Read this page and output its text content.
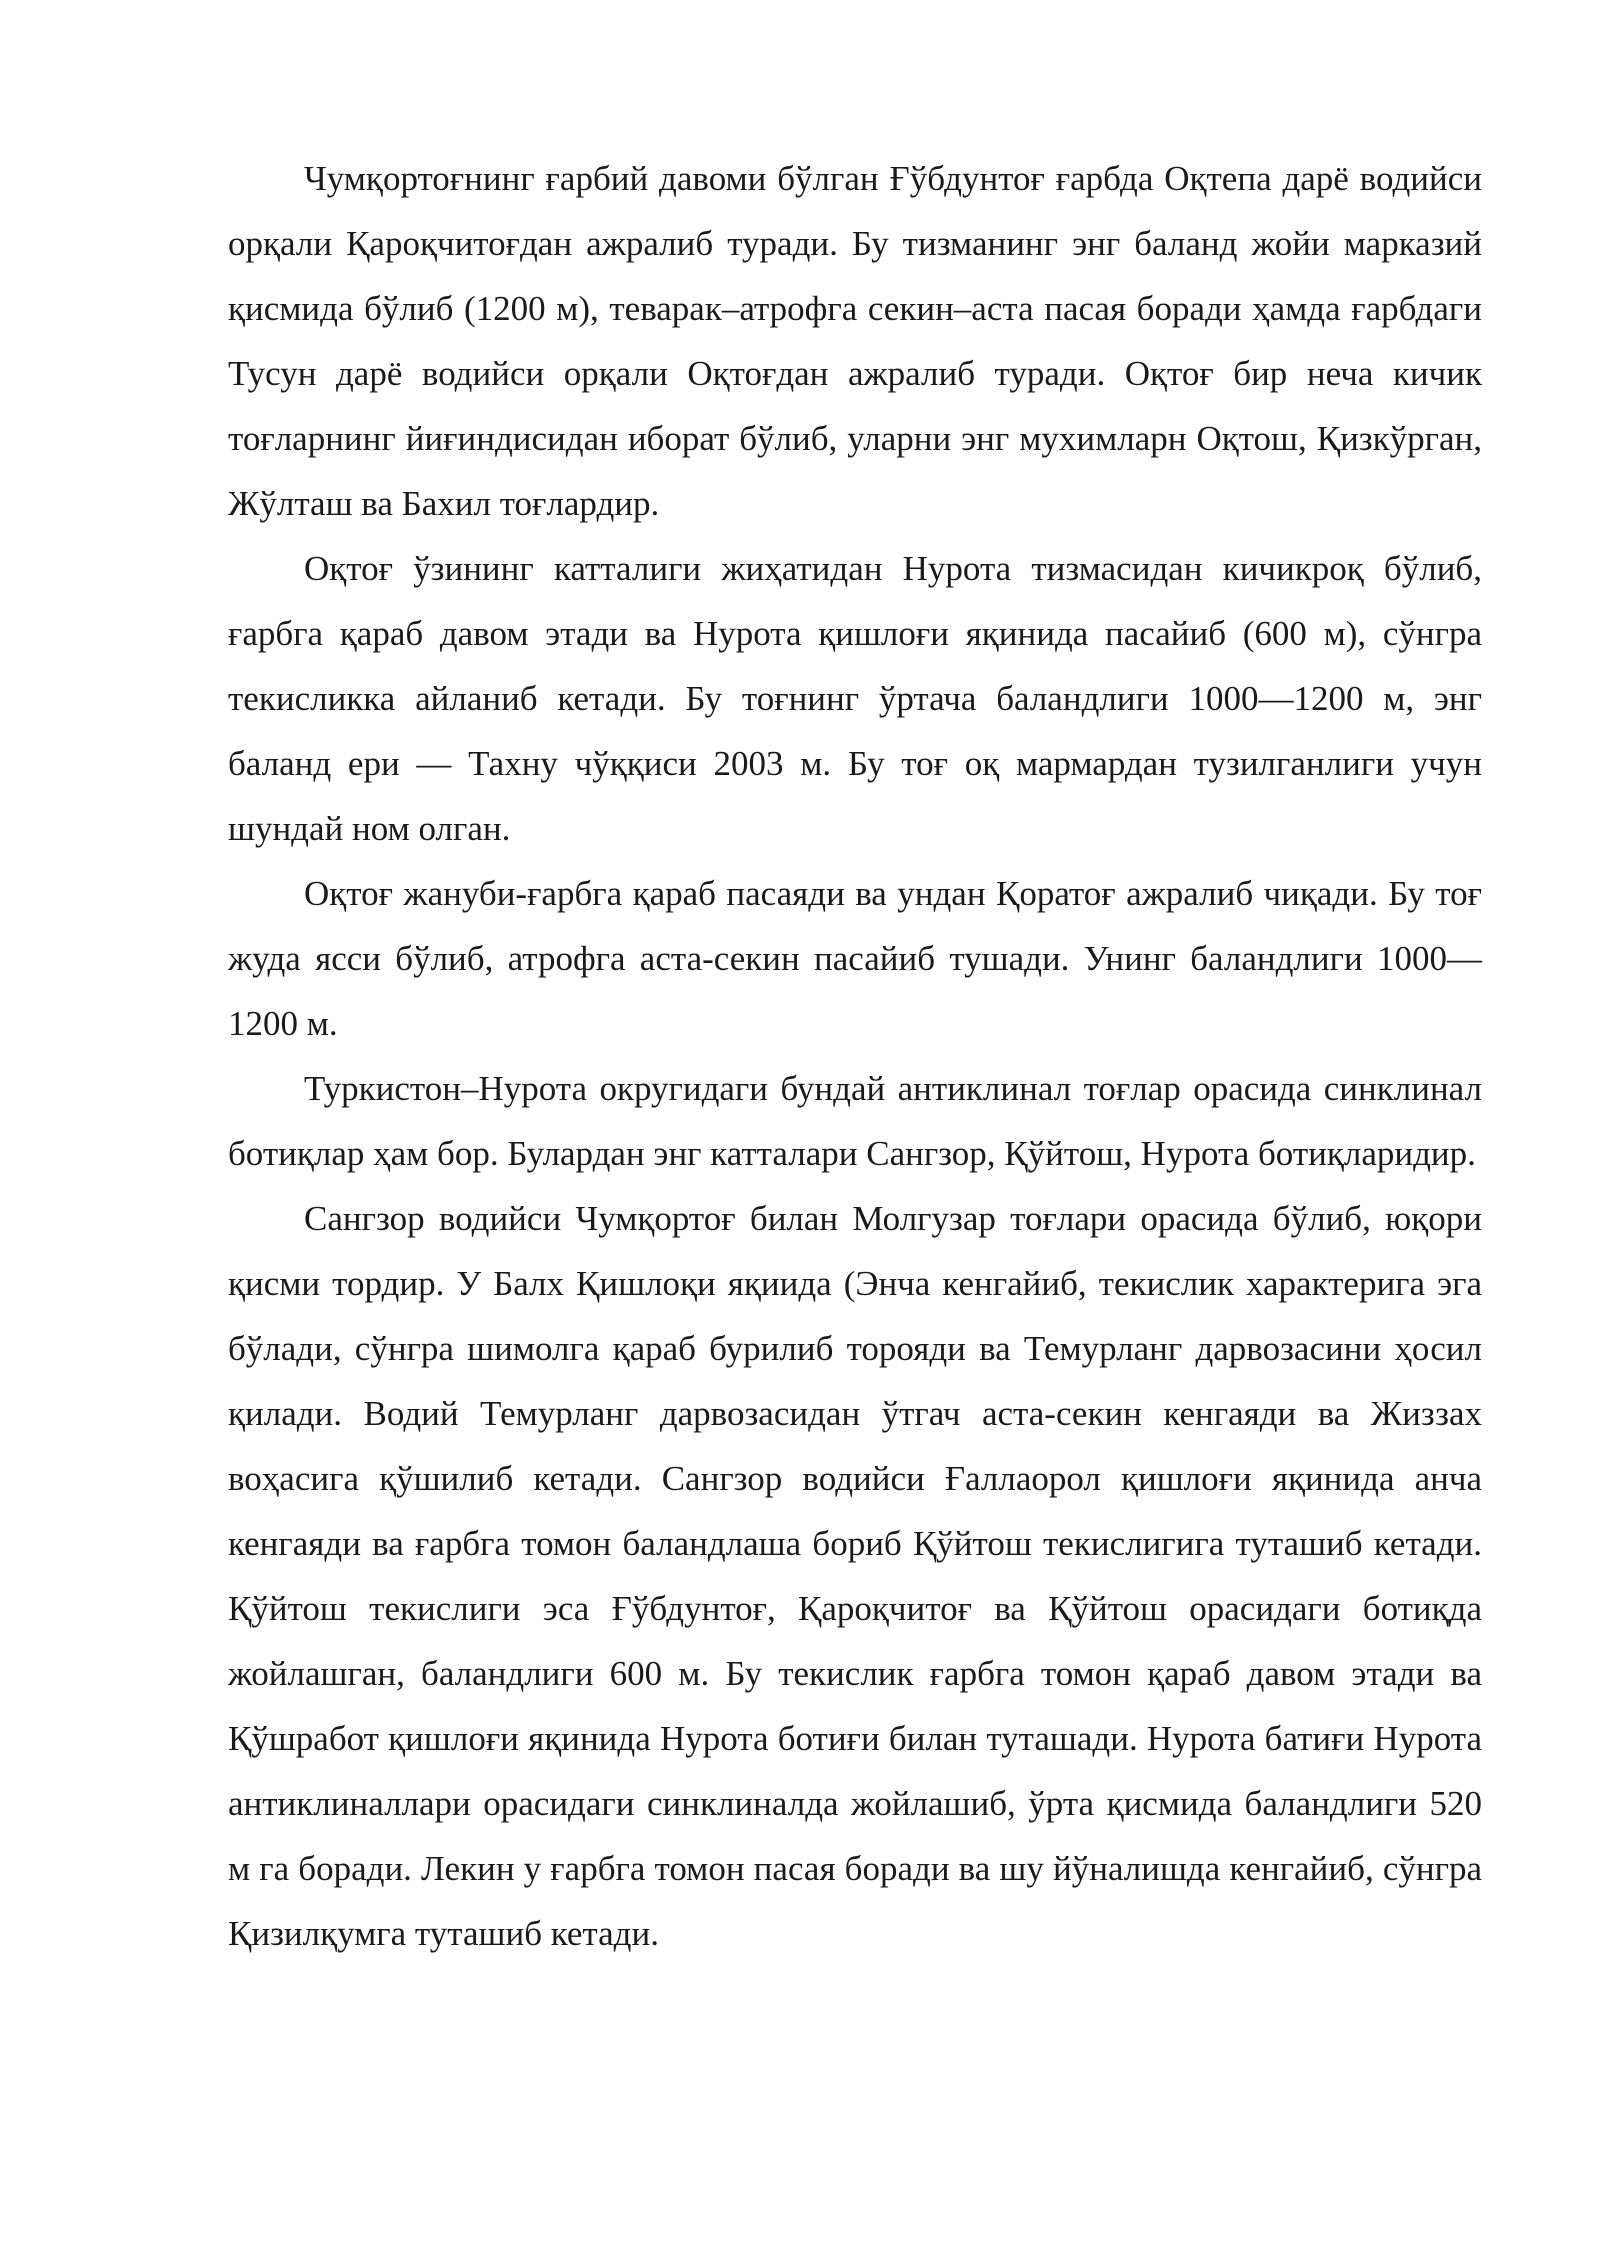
Чумқортоғнинг ғарбий давоми бўлган Ғўбдунтоғ ғарбда Оқтепа дарё водийси орқали Қароқчитоғдан ажралиб туради. Бу тизманинг энг баланд жойи марказий қисмида бўлиб (1200 м), теварак–атрофга секин–аста пасая боради ҳамда ғарбдаги Тусун дарё водийси орқали Оқтоғдан ажралиб туради. Оқтоғ бир неча кичик тоғларнинг йиғиндисидан иборат бўлиб, уларни энг мухимларн Оқтош, Қизкўрган, Жўлташ ва Бахил тоғлардир.

Оқтоғ ўзининг катталиги жиҳатидан Нурота тизмасидан кичикроқ бўлиб, ғарбга қараб давом этади ва Нурота қишлоғи яқинида пасайиб (600 м), сўнгра текисликка айланиб кетади. Бу тоғнинг ўртача баландлиги 1000—1200 м, энг баланд ери — Тахну чўққиси 2003 м. Бу тоғ оқ мармардан тузилганлиги учун шундай ном олган.

Оқтоғ жануби-ғарбга қараб пасаяди ва ундан Қоратоғ ажралиб чиқади. Бу тоғ жуда ясси бўлиб, атрофга аста-секин пасайиб тушади. Унинг баландлиги 1000—1200 м.

Туркистон–Нурота округидаги бундай антиклинал тоғлар орасида синклинал ботиқлар ҳам бор. Булардан энг катталари Сангзор, Қўйтош, Нурота ботиқларидир.

Сангзор водийси Чумқортоғ билан Молгузар тоғлари орасида бўлиб, юқори қисми тордир. У Балх Қишлоқи яқиида (Энча кенгайиб, текислик характерига эга бўлади, сўнгра шимолга қараб бурилиб торояди ва Темурланг дарвозасини ҳосил қилади. Водий Темурланг дарвозасидан ўтгач аста-секин кенгаяди ва Жиззах воҳасига қўшилиб кетади. Сангзор водийси Ғаллаорол қишлоғи яқинида анча кенгаяди ва ғарбга томон баландлаша бориб Қўйтош текислигига туташиб кетади. Қўйтош текислиги эса Ғўбдунтоғ, Қароқчитоғ ва Қўйтош орасидаги ботиқда жойлашган, баландлиги 600 м. Бу текислик ғарбга томон қараб давом этади ва Қўшработ қишлоғи яқинида Нурота ботиғи билан туташади. Нурота батиғи Нурота антиклиналлари орасидаги синклиналда жойлашиб, ўрта қисмида баландлиги 520 м га боради. Лекин у ғарбга томон пасая боради ва шу йўналишда кенгайиб, сўнгра Қизилқумга туташиб кетади.
